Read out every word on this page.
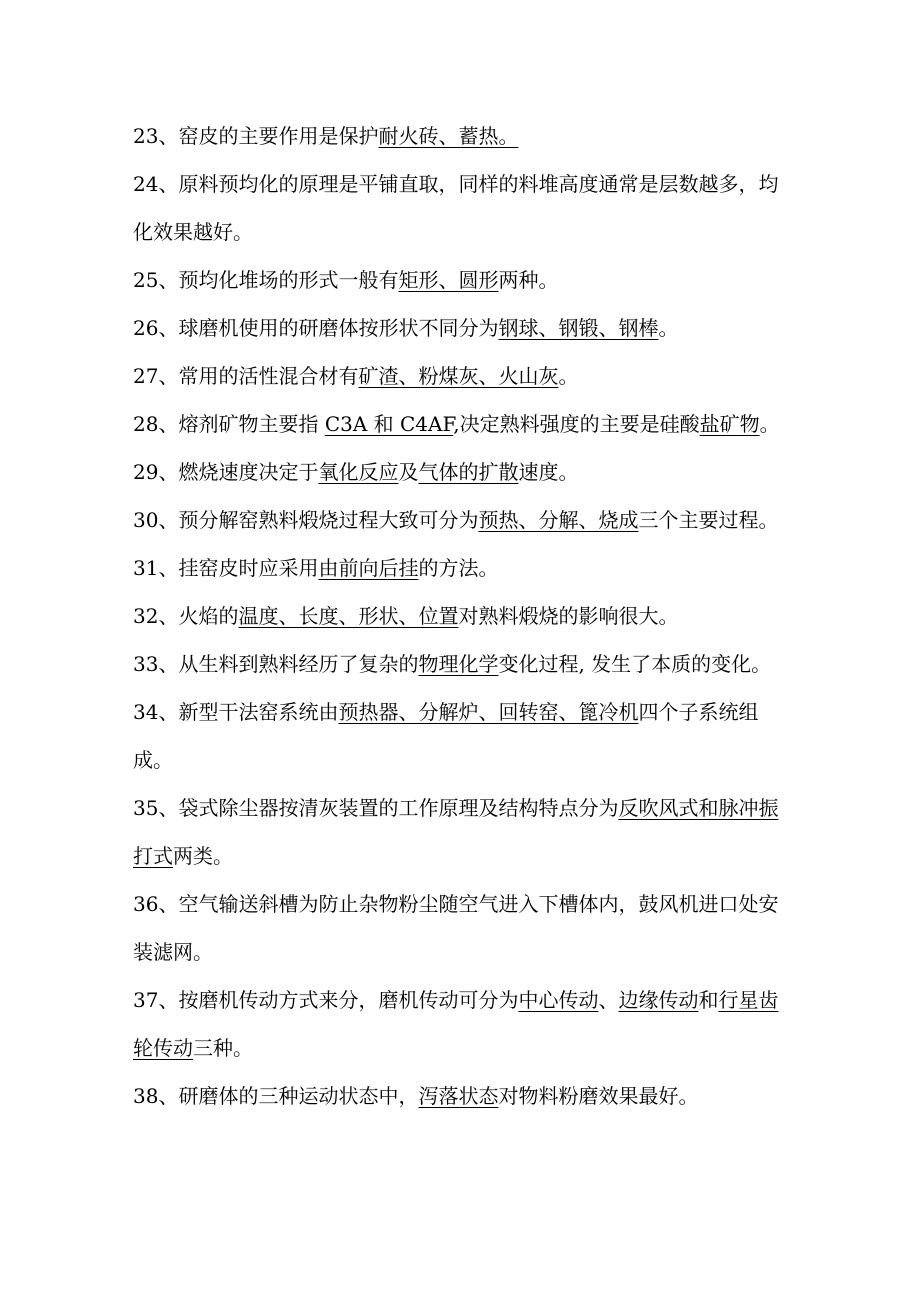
23、窑皮的主要作用是保护耐火砖、蓄热。

24、原料预均化的原理是平铺直取，同样的料堆高度通常是层数越多，均化效果越好。

25、预均化堆场的形式一般有矩形、圆形两种。

26、球磨机使用的研磨体按形状不同分为钢球、钢锻、钢棒。

27、常用的活性混合材有矿渣、粉煤灰、火山灰。

28、熔剂矿物主要指 C3A 和 C4AF,决定熟料强度的主要是硅酸盐矿物。

29、燃烧速度决定于氧化反应及气体的扩散速度。

30、预分解窑熟料煅烧过程大致可分为预热、分解、烧成三个主要过程。

31、挂窑皮时应采用由前向后挂的方法。

32、火焰的温度、长度、形状、位置对熟料煅烧的影响很大。

33、从生料到熟料经历了复杂的物理化学变化过程, 发生了本质的变化。

34、新型干法窑系统由预热器、分解炉、回转窑、篦冷机四个子系统组成。

35、袋式除尘器按清灰装置的工作原理及结构特点分为反吹风式和脉冲振打式两类。

36、空气输送斜槽为防止杂物粉尘随空气进入下槽体内，鼓风机进口处安装滤网。

37、按磨机传动方式来分，磨机传动可分为中心传动、边缘传动和行星齿轮传动三种。

38、研磨体的三种运动状态中，泻落状态对物料粉磨效果最好。
